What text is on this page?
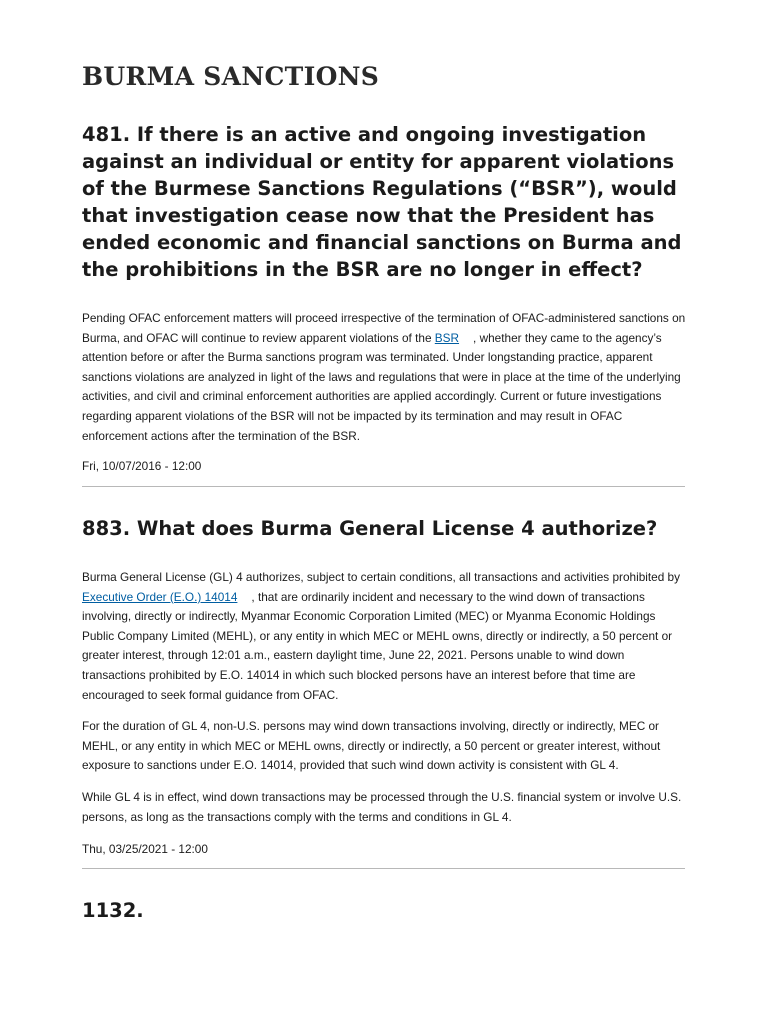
BURMA SANCTIONS
481. If there is an active and ongoing investigation against an individual or entity for apparent violations of the Burmese Sanctions Regulations (“BSR”), would that investigation cease now that the President has ended economic and financial sanctions on Burma and the prohibitions in the BSR are no longer in effect?

Pending OFAC enforcement matters will proceed irrespective of the termination of OFAC-administered sanctions on Burma, and OFAC will continue to review apparent violations of the BSR , whether they came to the agency’s attention before or after the Burma sanctions program was terminated. Under longstanding practice, apparent sanctions violations are analyzed in light of the laws and regulations that were in place at the time of the underlying activities, and civil and criminal enforcement authorities are applied accordingly. Current or future investigations regarding apparent violations of the BSR will not be impacted by its termination and may result in OFAC enforcement actions after the termination of the BSR.

Fri, 10/07/2016 - 12:00

883. What does Burma General License 4 authorize?

Burma General License (GL) 4 authorizes, subject to certain conditions, all transactions and activities prohibited by Executive Order (E.O.) 14014 , that are ordinarily incident and necessary to the wind down of transactions involving, directly or indirectly, Myanmar Economic Corporation Limited (MEC) or Myanma Economic Holdings Public Company Limited (MEHL), or any entity in which MEC or MEHL owns, directly or indirectly, a 50 percent or greater interest, through 12:01 a.m., eastern daylight time, June 22, 2021. Persons unable to wind down transactions prohibited by E.O. 14014 in which such blocked persons have an interest before that time are encouraged to seek formal guidance from OFAC.

For the duration of GL 4, non-U.S. persons may wind down transactions involving, directly or indirectly, MEC or MEHL, or any entity in which MEC or MEHL owns, directly or indirectly, a 50 percent or greater interest, without exposure to sanctions under E.O. 14014, provided that such wind down activity is consistent with GL 4.

While GL 4 is in effect, wind down transactions may be processed through the U.S. financial system or involve U.S. persons, as long as the transactions comply with the terms and conditions in GL 4.

Thu, 03/25/2021 - 12:00

1132.
